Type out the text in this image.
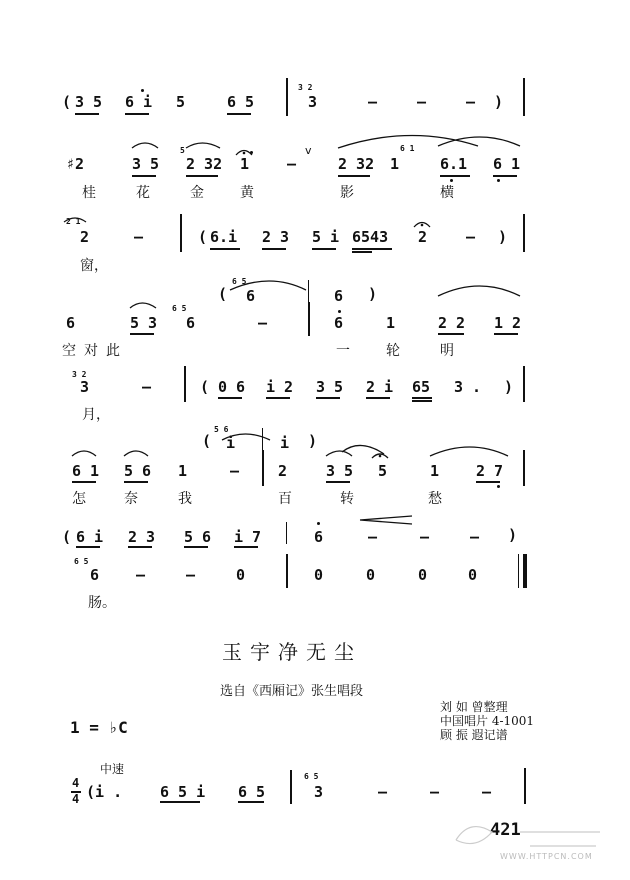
( 3 5 6 i 5	6 5
3 2
3	–	–	– )
♯2	3 5
5
2 32 1	–
v
2 32 1
6 1
6.1 6 1
桂	花	金	黄	影	横
2 1
2	–	( 6.i 2 3 5 i 6543 2	– )
窗，
(
6 5
6	6 )
6	5 3
6 5
6	–	6	1	2 2 1 2
空 对 此	一	轮	明
3 2
3	–	( 0 6 i 2 3 5 2 i 65 3 . )
月，
(
5 6
i	i )
6 1 5 6 1	–	2	3 5 5	1 2 7
怎	奈	我	百	转	愁
( 6 i 2 3 5 6 i 7	6	–	–	– )
6 5
6 –	–	0	0	0	0	0
肠。
玉宇净无尘
选自《西厢记》张生唱段
刘 如 曾整理
中国唱片 4-1001
顾 振 遐记谱
1 = ♭C
中速
4
4 (i .	6 5 i 6 5
6 5
3	–	–	–
421
WWW.HTTPCN.COM
